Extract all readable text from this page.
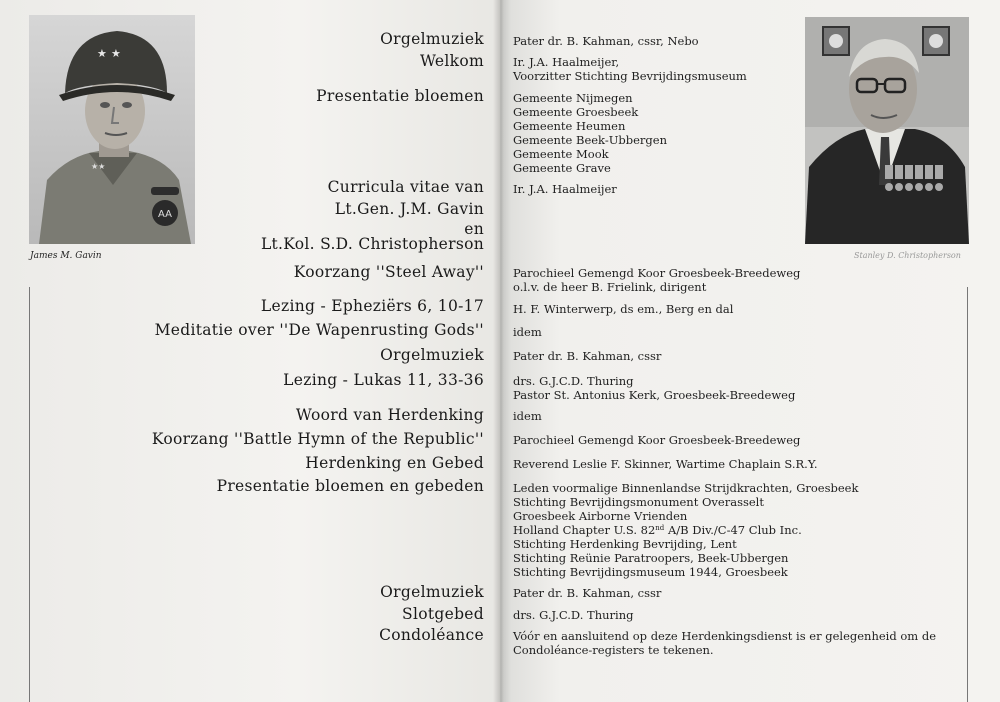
AA
★ ★
★★
James M. Gavin	Stanley D. Christopherson
Orgelmuziek
Welkom
Presentatie bloemen
Curricula vitae van
Lt.Gen. J.M. Gavin
en
Lt.Kol. S.D. Christopherson
Koorzang ''Steel Away''
Lezing - Epheziërs 6, 10-17
Meditatie over ''De Wapenrusting Gods''
Orgelmuziek
Lezing - Lukas 11, 33-36
Woord van Herdenking
Koorzang ''Battle Hymn of the Republic''
Herdenking en Gebed
Presentatie bloemen en gebeden
Orgelmuziek
Slotgebed
Condoléance
Pater dr. B. Kahman, cssr, Nebo
Ir. J.A. Haalmeijer,
Voorzitter Stichting Bevrijdingsmuseum
Gemeente Nijmegen
Gemeente Groesbeek
Gemeente Heumen
Gemeente Beek-Ubbergen
Gemeente Mook
Gemeente Grave
Ir. J.A. Haalmeijer
Parochieel Gemengd Koor Groesbeek-Breedeweg
o.l.v. de heer B. Frielink, dirigent
H. F. Winterwerp, ds em., Berg en dal
idem
Pater dr. B. Kahman, cssr
drs. G.J.C.D. Thuring
Pastor St. Antonius Kerk, Groesbeek-Breedeweg
idem
Parochieel Gemengd Koor Groesbeek-Breedeweg
Reverend Leslie F. Skinner, Wartime Chaplain S.R.Y.
Leden voormalige Binnenlandse Strijdkrachten, Groesbeek
Stichting Bevrijdingsmonument Overasselt
Groesbeek Airborne Vrienden
Holland Chapter U.S. 82nd A/B Div./C-47 Club Inc.
Stichting Herdenking Bevrijding, Lent
Stichting Reünie Paratroopers, Beek-Ubbergen
Stichting Bevrijdingsmuseum 1944, Groesbeek
Pater dr. B. Kahman, cssr
drs. G.J.C.D. Thuring
Vóór en aansluitend op deze Herdenkingsdienst is er gelegenheid om de
Condoléance-registers te tekenen.
